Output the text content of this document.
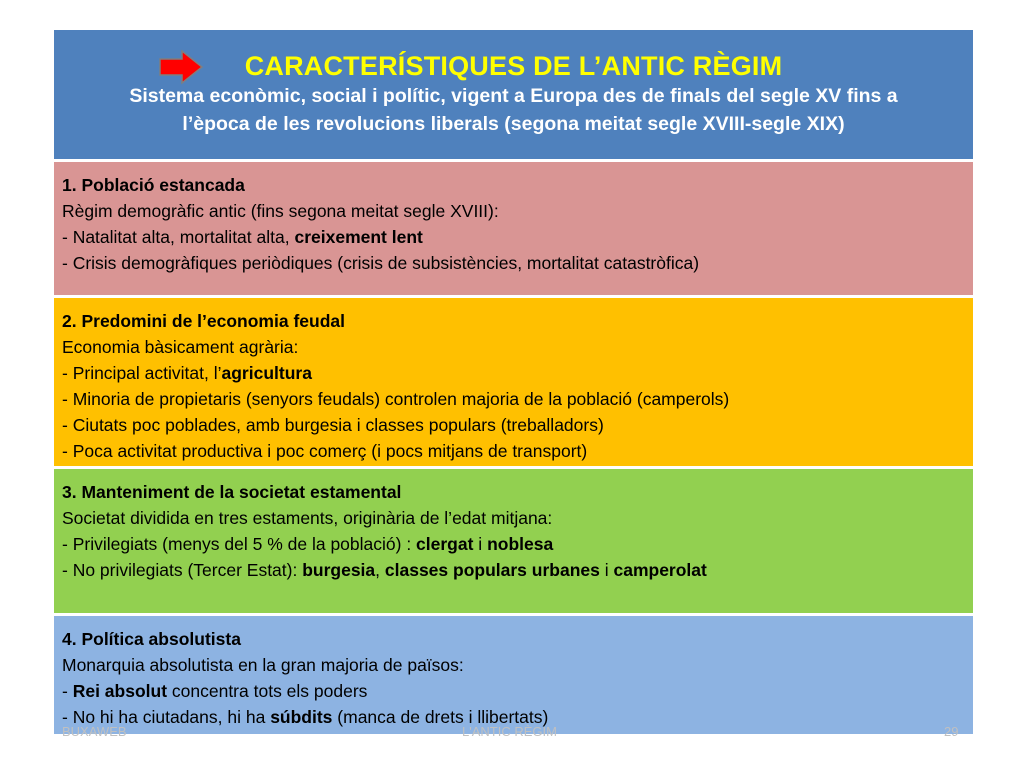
CARACTERÍSTIQUES DE L’ANTIC RÈGIM
Sistema econòmic, social i polític, vigent a Europa des de finals del segle XV fins a
l’època de les revolucions liberals (segona meitat segle XVIII-segle XIX)
1. Població estancada
Règim demogràfic antic (fins segona meitat segle XVIII):
- Natalitat alta, mortalitat alta, creixement lent
- Crisis demogràfiques periòdiques (crisis de subsistències, mortalitat catastròfica)
2. Predomini de l’economia feudal
Economia bàsicament agrària:
- Principal activitat, l’agricultura
- Minoria de propietaris (senyors feudals) controlen majoria de la població (camperols)
- Ciutats poc poblades, amb burgesia i classes populars (treballadors)
- Poca activitat productiva i poc comerç (i pocs mitjans de transport)
3. Manteniment de la societat estamental
Societat dividida en tres estaments, originària de l’edat mitjana:
- Privilegiats (menys del 5 % de la població) : clergat i noblesa
- No privilegiats (Tercer Estat): burgesia, classes populars urbanes i camperolat
4. Política absolutista
Monarquia absolutista en la gran majoria de països:
- Rei absolut concentra tots els poders
- No hi ha ciutadans, hi ha súbdits (manca de drets i llibertats)
BUXAWEB	L'ANTIC RÈGIM	29
